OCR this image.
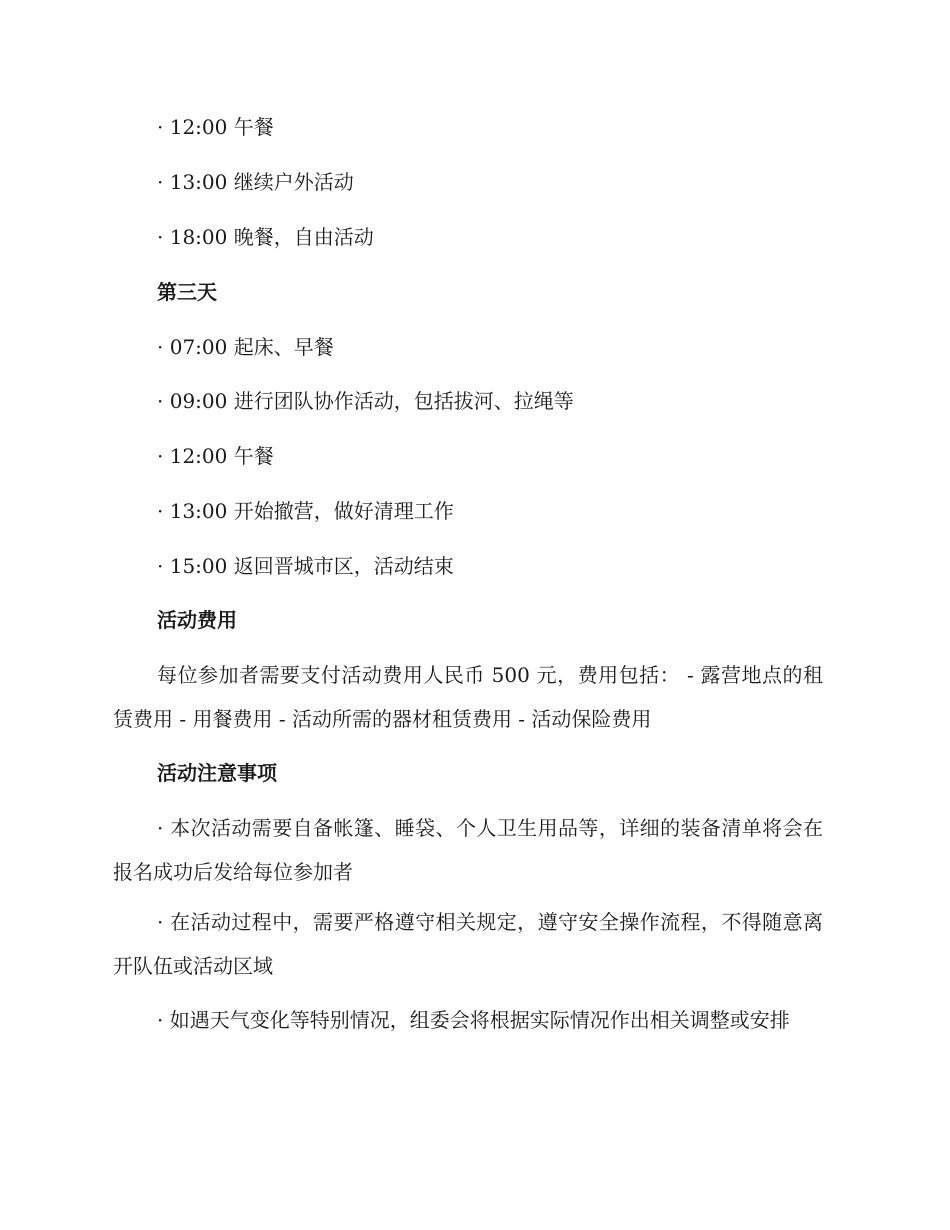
· 12:00 午餐
· 13:00 继续户外活动
· 18:00 晚餐，自由活动
第三天
· 07:00 起床、早餐
· 09:00 进行团队协作活动，包括拔河、拉绳等
· 12:00 午餐
· 13:00 开始撤营，做好清理工作
· 15:00 返回晋城市区，活动结束
活动费用
每位参加者需要支付活动费用人民币 500 元，费用包括： - 露营地点的租赁费用 - 用餐费用 - 活动所需的器材租赁费用 - 活动保险费用
活动注意事项
· 本次活动需要自备帐篷、睡袋、个人卫生用品等，详细的装备清单将会在报名成功后发给每位参加者
· 在活动过程中，需要严格遵守相关规定，遵守安全操作流程，不得随意离开队伍或活动区域
· 如遇天气变化等特别情况，组委会将根据实际情况作出相关调整或安排
